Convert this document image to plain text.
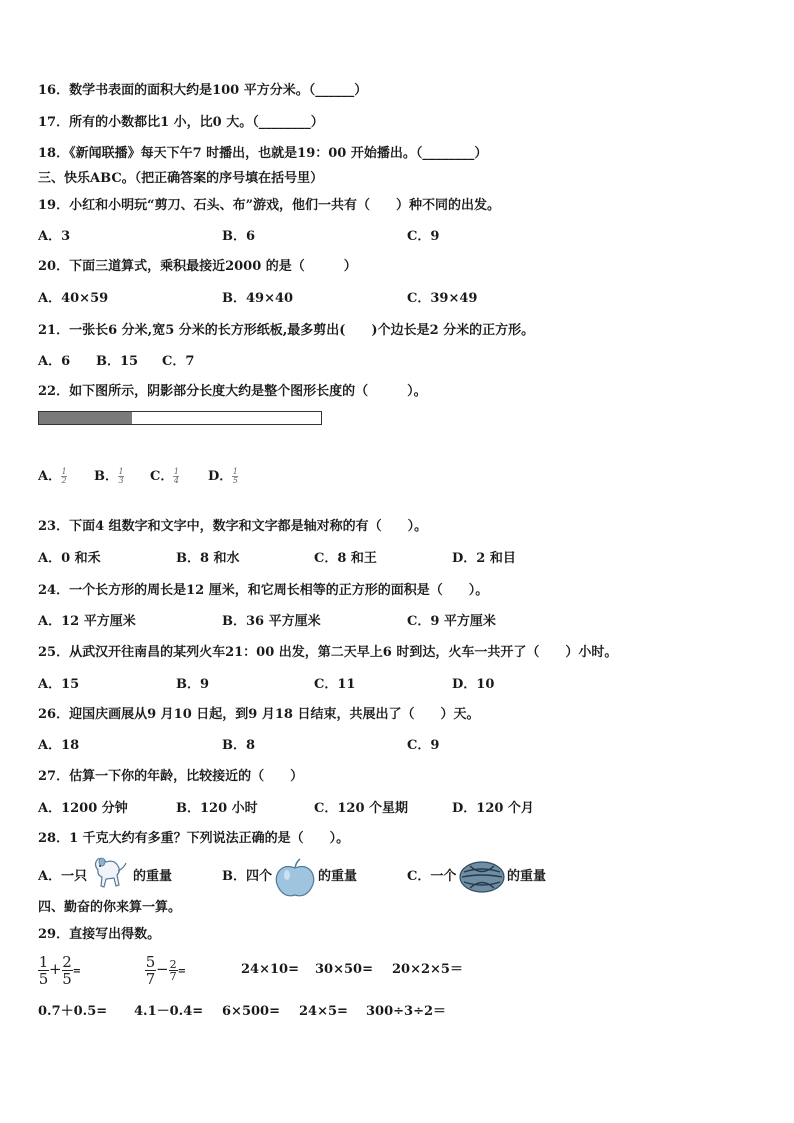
16．数学书表面的面积大约是100 平方分米。（______）
17．所有的小数都比1 小，比0 大。（________）
18．《新闻联播》每天下午7 时播出，也就是19：00 开始播出。（________）
三、快乐ABC。（把正确答案的序号填在括号里）
19．小红和小明玩“剪刀、石头、布”游戏，他们一共有（　　）种不同的出发。
A．3	B．6	C．9
20．下面三道算式，乘积最接近2000 的是（　　　）
A．40×59	B．49×40	C．39×49
21．一张长6 分米,宽5 分米的长方形纸板,最多剪出(　　)个边长是2 分米的正方形。
A．6 B．15 C．7
22．如下图所示，阴影部分长度大约是整个图形长度的（　　　）。
A． $\frac{1}{2}$ B． $\frac{1}{3}$ C． $\frac{1}{4}$ D． $\frac{1}{5}$
23．下面4 组数字和文字中，数字和文字都是轴对称的有（　　）。
A．0 和禾	B．8 和水	C．8 和王	D．2 和目
24．一个长方形的周长是12 厘米，和它周长相等的正方形的面积是（　　）。
A．12 平方厘米	B．36 平方厘米	C．9 平方厘米
25．从武汉开往南昌的某列火车21：00 出发，第二天早上6 时到达，火车一共开了（　　）小时。
A．15	B．9	C．11	D．10
26．迎国庆画展从9 月10 日起，到9 月18 日结束，共展出了（　　）天。
A．18	B．8	C．9
27．估算一下你的年龄，比较接近的（　　）
A．1200 分钟	B．120 小时	C．120 个星期	D．120 个月
28．1 千克大约有多重？下列说法正确的是（　　）。
A．一只	的重量	B．四个	的重量	C．一个	的重量
四、勤奋的你来算一算。
29．直接写出得数。
$\frac{1}{5} + \frac{2}{5}$ =	$\frac{5}{7} - \frac{2}{7}$ =	24×10= 30×50= 20×2×5＝
0.7＋0.5= 4.1－0.4= 6×500= 24×5= 300÷3÷2＝
